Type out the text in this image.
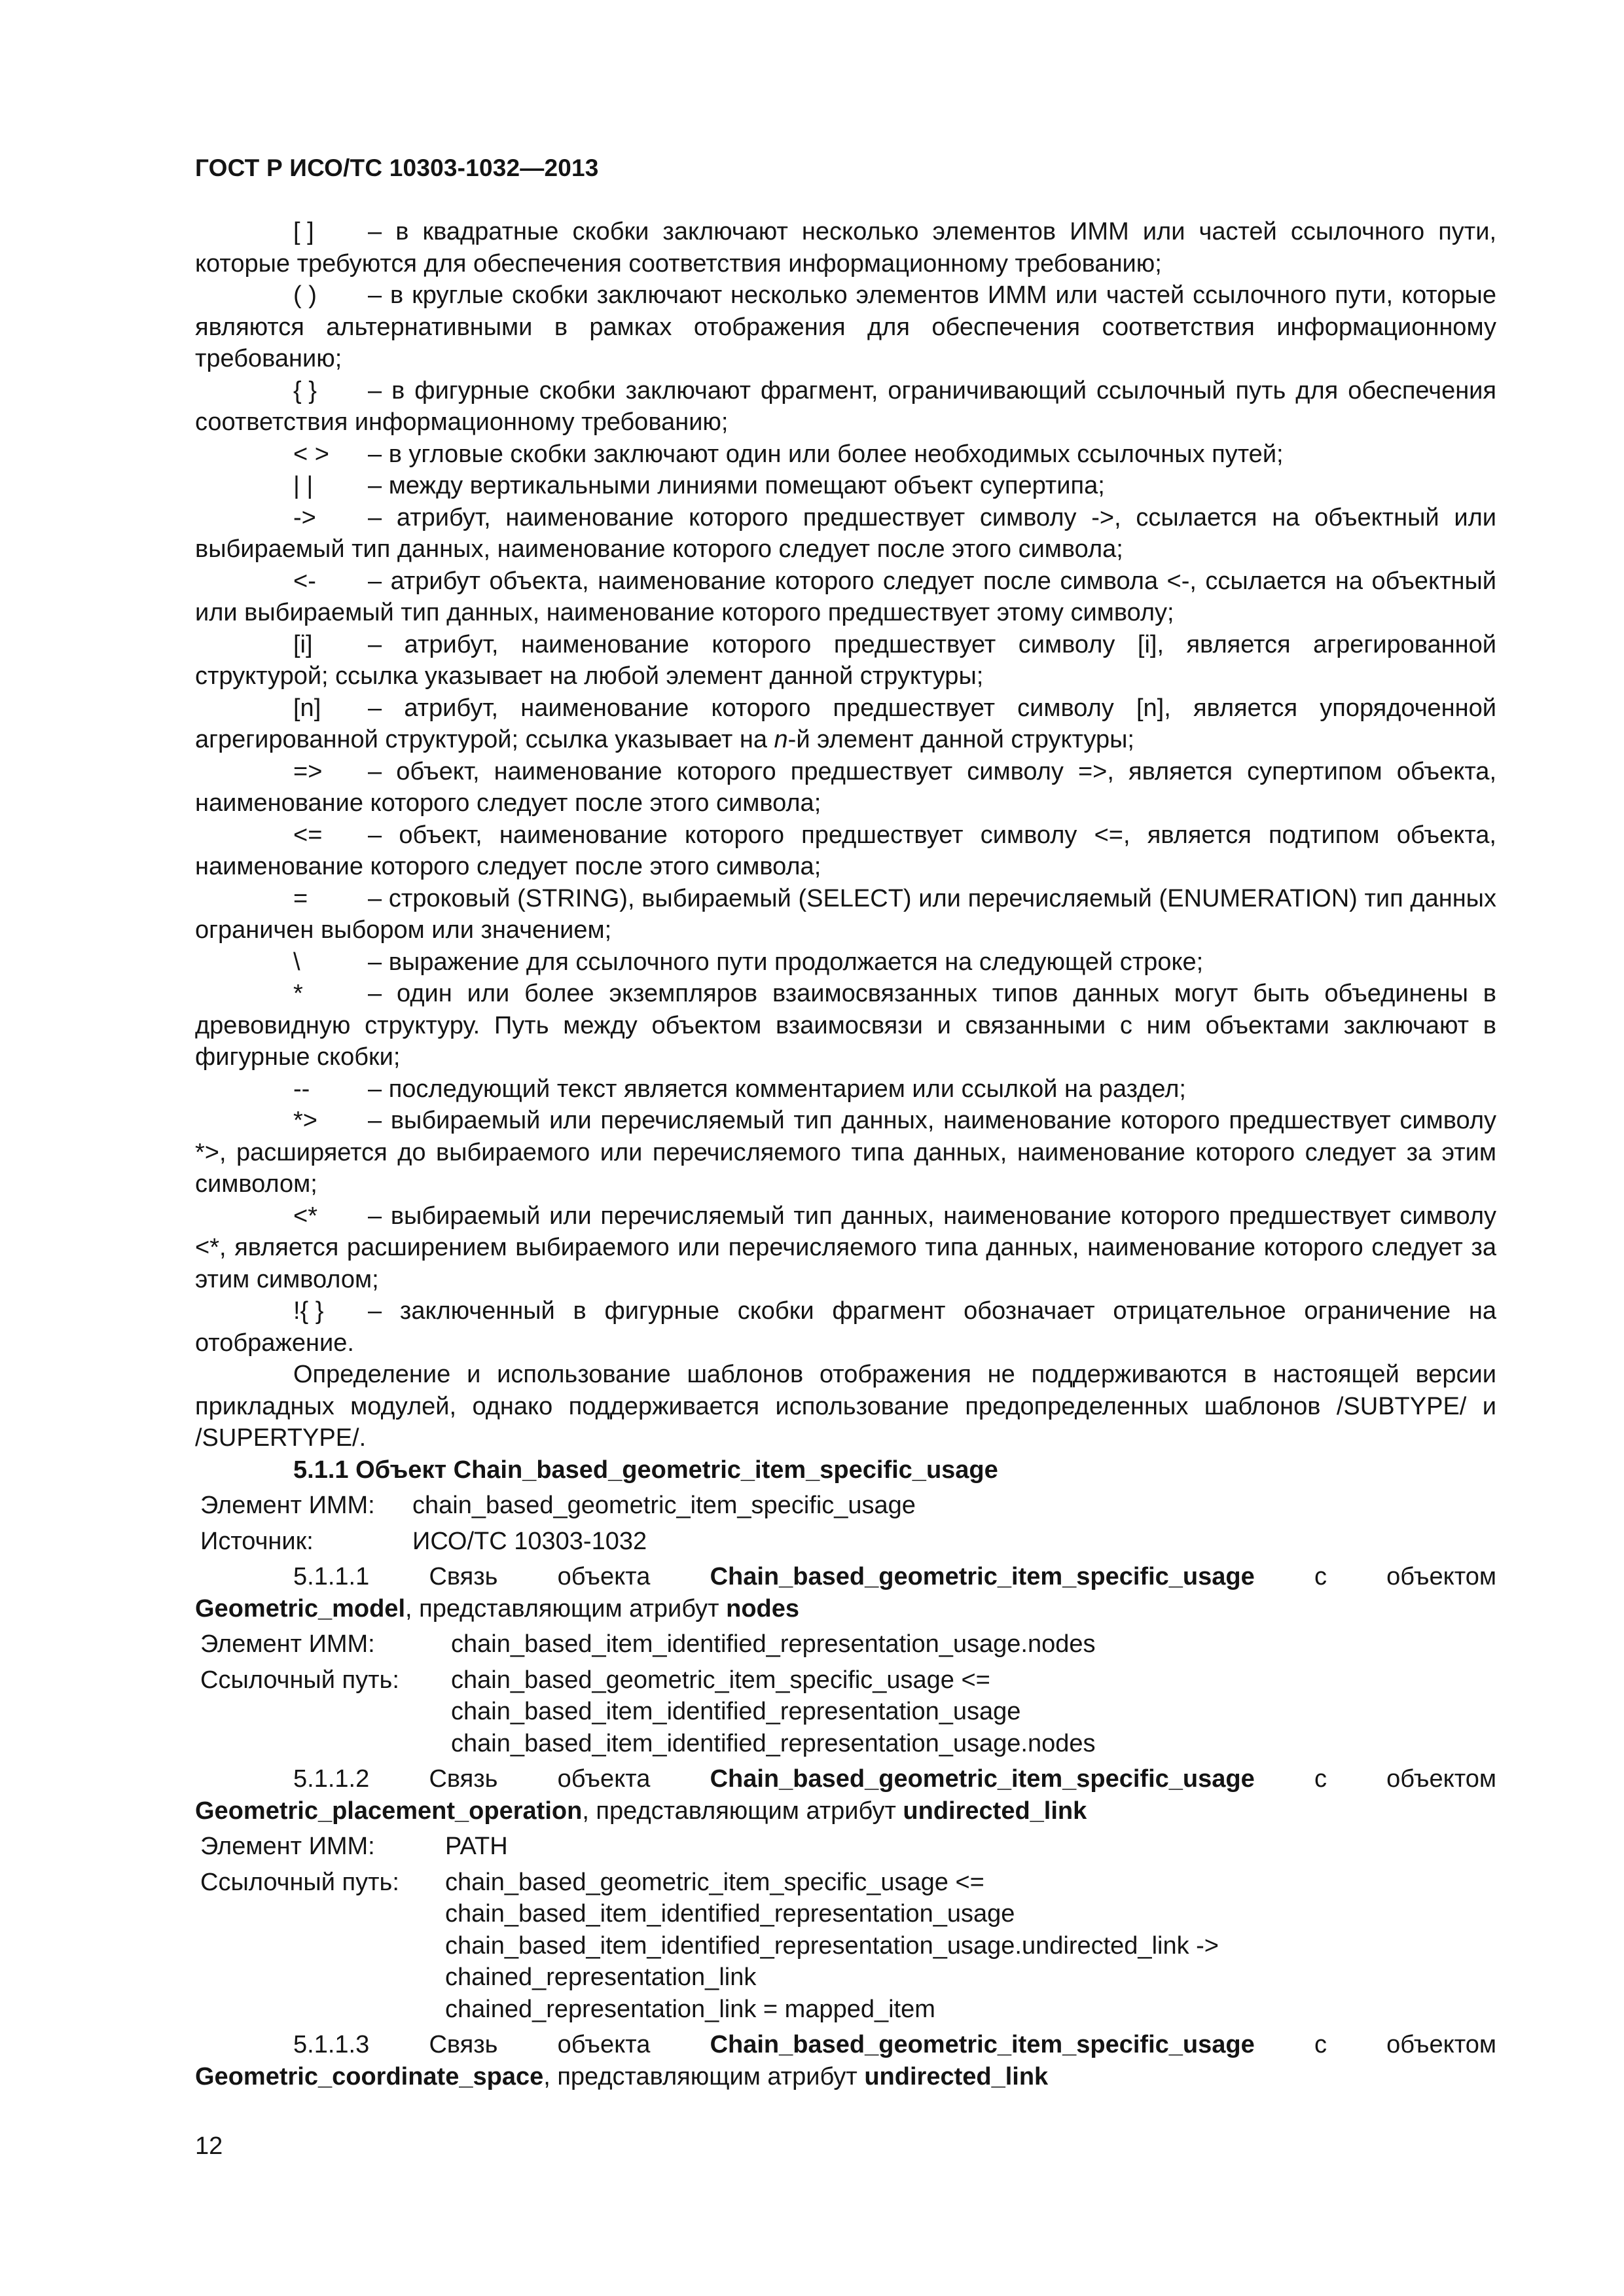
ГОСТ Р ИСО/ТС 10303-1032—2013

[ ] – в квадратные скобки заключают несколько элементов ИММ или частей ссылочного пути, которые требуются для обеспечения соответствия информационному требованию;

( ) – в круглые скобки заключают несколько элементов ИММ или частей ссылочного пути, которые являются альтернативными в рамках отображения для обеспечения соответствия информационному требованию;

{ } – в фигурные скобки заключают фрагмент, ограничивающий ссылочный путь для обеспечения соответствия информационному требованию;

< > – в угловые скобки заключают один или более необходимых ссылочных путей;

| | – между вертикальными линиями помещают объект супертипа;

-> – атрибут, наименование которого предшествует символу ->, ссылается на объектный или выбираемый тип данных, наименование которого следует после этого символа;

<- – атрибут объекта, наименование которого следует после символа <-, ссылается на объектный или выбираемый тип данных, наименование которого предшествует этому символу;

[i] – атрибут, наименование которого предшествует символу [i], является агрегированной структурой; ссылка указывает на любой элемент данной структуры;

[n] – атрибут, наименование которого предшествует символу [n], является упорядоченной агрегированной структурой; ссылка указывает на n-й элемент данной структуры;

=> – объект, наименование которого предшествует символу =>, является супертипом объекта, наименование которого следует после этого символа;

<= – объект, наименование которого предшествует символу <=, является подтипом объекта, наименование которого следует после этого символа;

= – строковый (STRING), выбираемый (SELECT) или перечисляемый (ENUMERATION) тип данных ограничен выбором или значением;

\	– выражение для ссылочного пути продолжается на следующей строке;

*	– один или более экземпляров взаимосвязанных типов данных могут быть объединены в древовидную структуру. Путь между объектом взаимосвязи и связанными с ним объектами заключают в фигурные скобки;

-- – последующий текст является комментарием или ссылкой на раздел;

*> – выбираемый или перечисляемый тип данных, наименование которого предшествует символу *>, расширяется до выбираемого или перечисляемого типа данных, наименование которого следует за этим символом;

<* – выбираемый или перечисляемый тип данных, наименование которого предшествует символу <*, является расширением выбираемого или перечисляемого типа данных, наименование которого следует за этим символом;

!{ } – заключенный в фигурные скобки фрагмент обозначает отрицательное ограничение на отображение.

Определение и использование шаблонов отображения не поддерживаются в настоящей версии прикладных модулей, однако поддерживается использование предопределенных шаблонов /SUBTYPE/ и /SUPERTYPE/.

5.1.1 Объект Chain_based_geometric_item_specific_usage
Элемент ИММ:	chain_based_geometric_item_specific_usage
Источник:	ИСО/ТС 10303-1032
5.1.1.1 Связь объекта Chain_based_geometric_item_specific_usage с объектом
Geometric_model, представляющим атрибут nodes
Элемент ИММ:	chain_based_item_identified_representation_usage.nodes
Ссылочный путь:	chain_based_geometric_item_specific_usage <=
chain_based_item_identified_representation_usage
chain_based_item_identified_representation_usage.nodes
5.1.1.2 Связь объекта Chain_based_geometric_item_specific_usage с объектом
Geometric_placement_operation, представляющим атрибут undirected_link
Элемент ИММ:	PATH
Ссылочный путь:	chain_based_geometric_item_specific_usage <=
chain_based_item_identified_representation_usage
chain_based_item_identified_representation_usage.undirected_link ->
chained_representation_link
chained_representation_link = mapped_item
5.1.1.3 Связь объекта Chain_based_geometric_item_specific_usage с объектом
Geometric_coordinate_space, представляющим атрибут undirected_link
12
